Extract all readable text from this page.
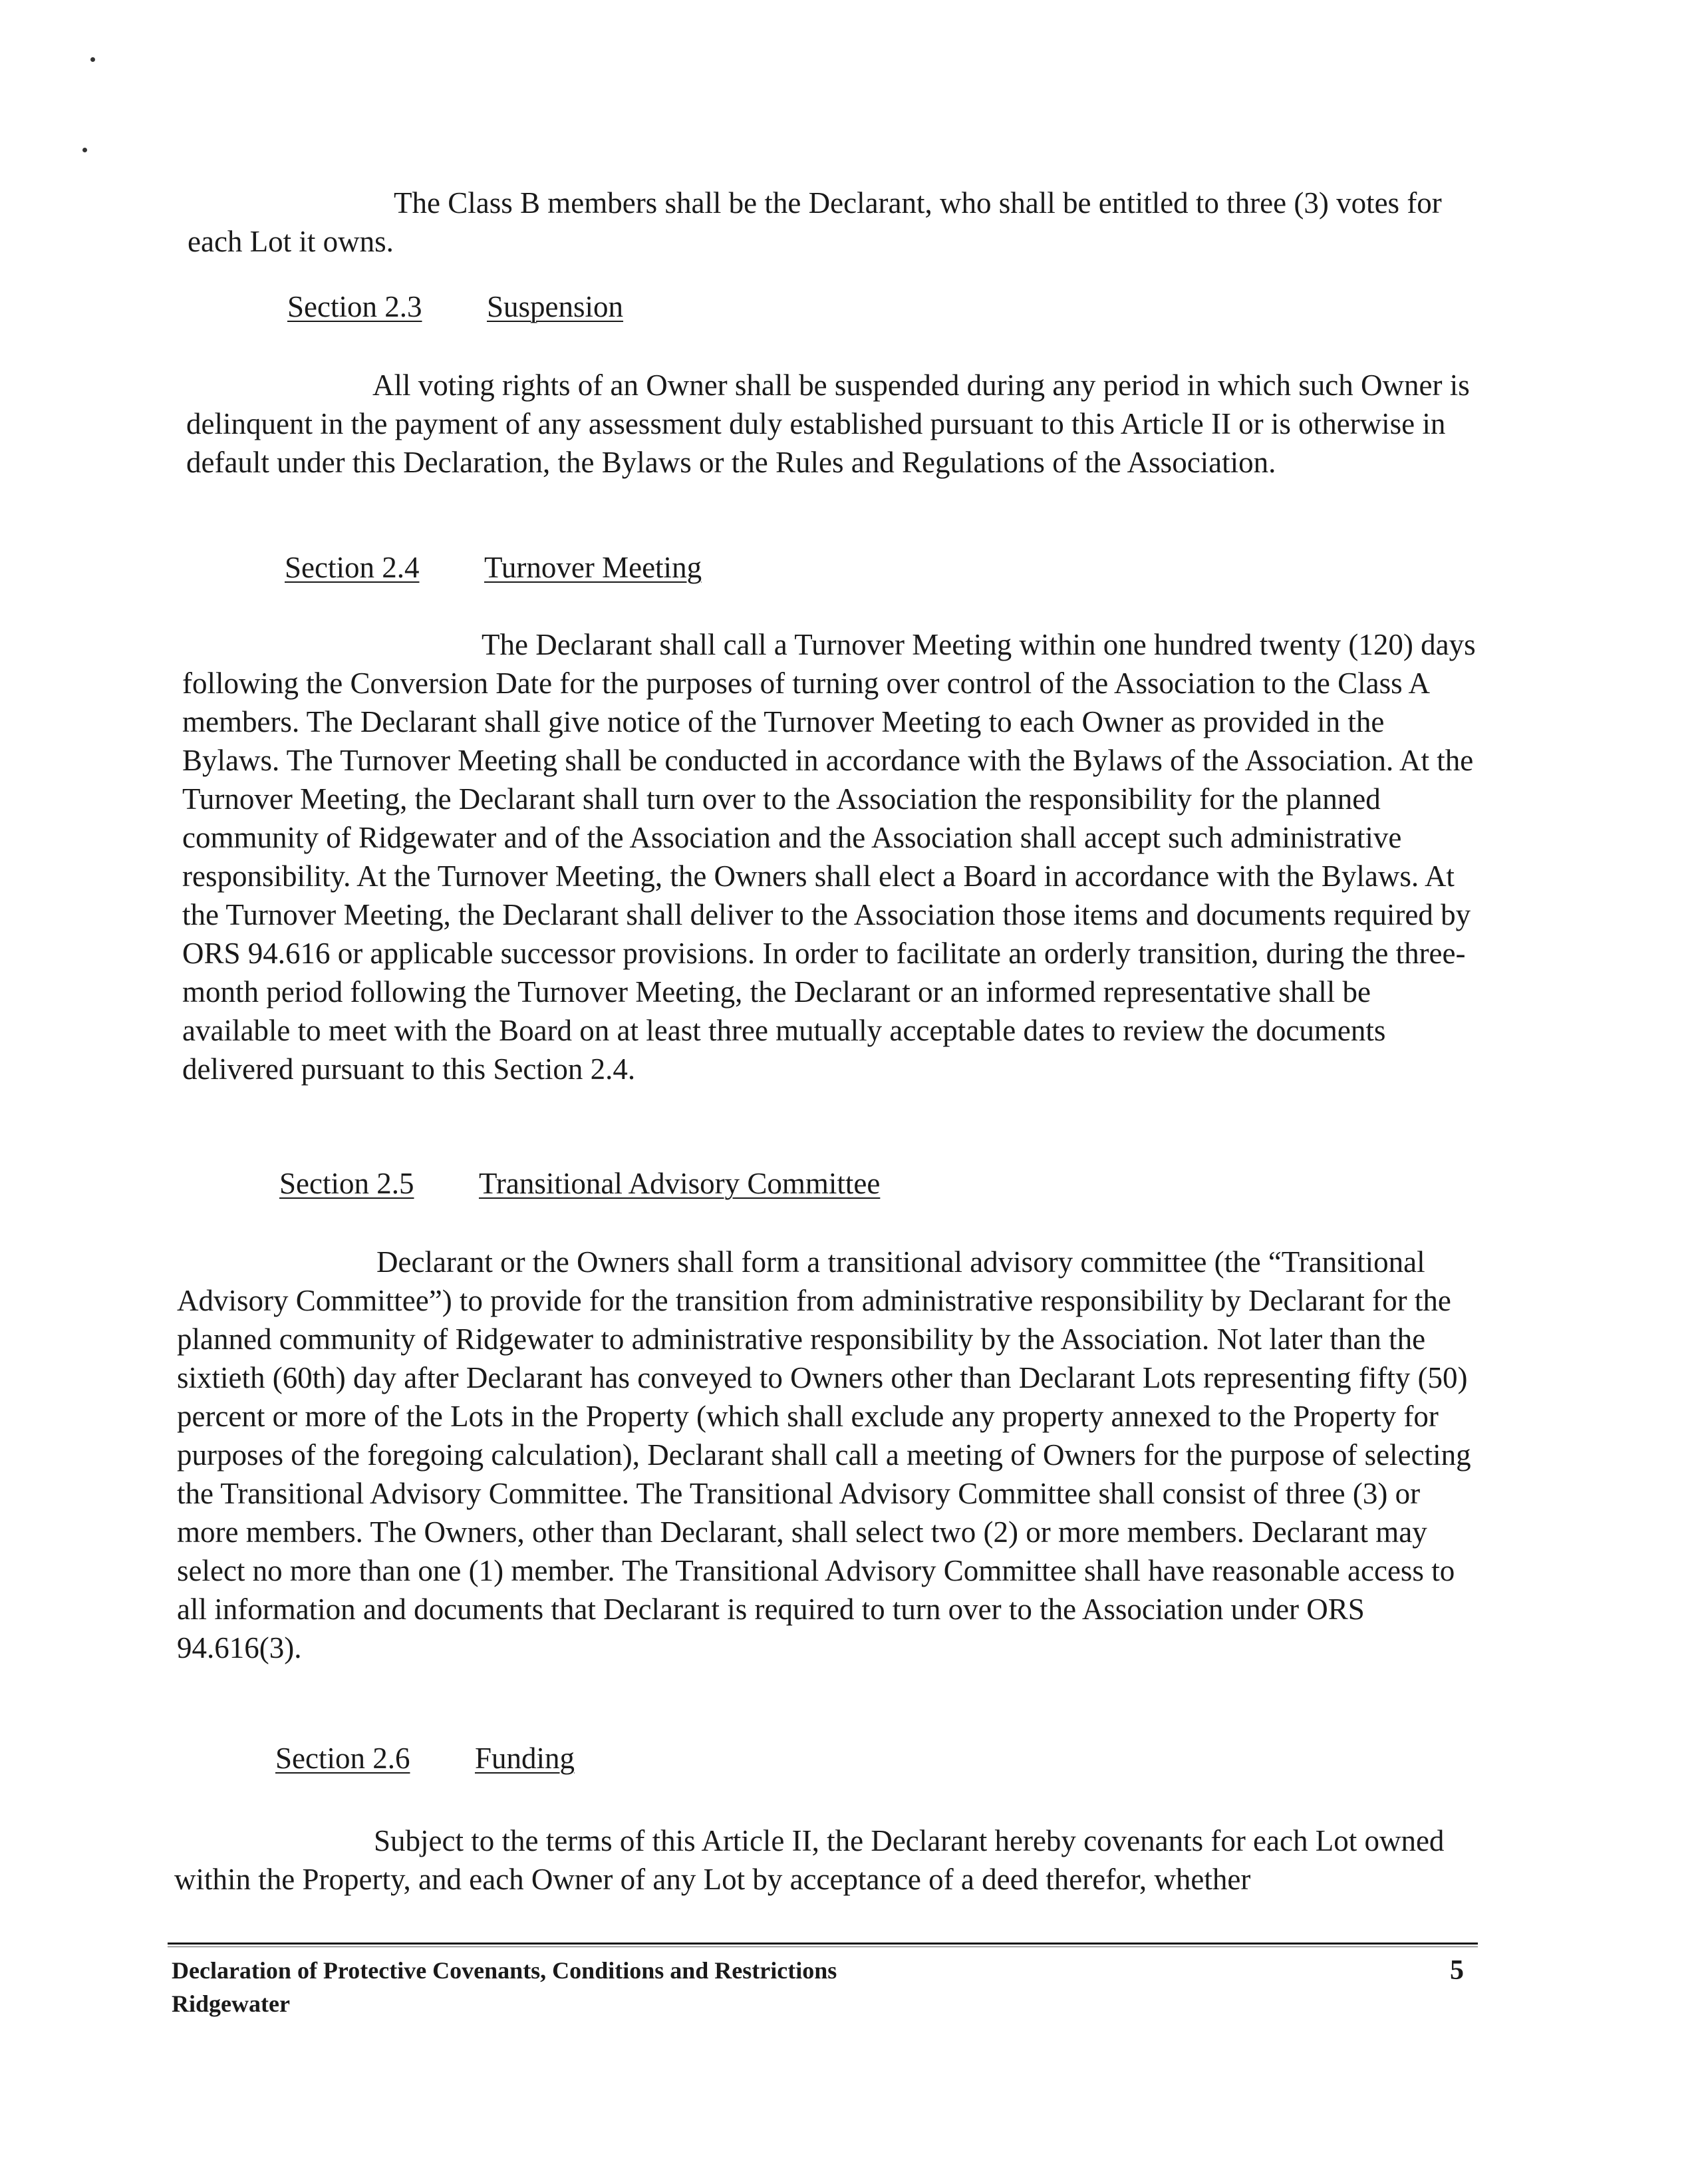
The Class B members shall be the Declarant, who shall be entitled to three (3) votes for each Lot it owns.

Section 2.3 Suspension

All voting rights of an Owner shall be suspended during any period in which such Owner is delinquent in the payment of any assessment duly established pursuant to this Article II or is otherwise in default under this Declaration, the Bylaws or the Rules and Regulations of the Association.

Section 2.4 Turnover Meeting

The Declarant shall call a Turnover Meeting within one hundred twenty (120) days following the Conversion Date for the purposes of turning over control of the Association to the Class A members. The Declarant shall give notice of the Turnover Meeting to each Owner as provided in the Bylaws. The Turnover Meeting shall be conducted in accordance with the Bylaws of the Association. At the Turnover Meeting, the Declarant shall turn over to the Association the responsibility for the planned community of Ridgewater and of the Association and the Association shall accept such administrative responsibility. At the Turnover Meeting, the Owners shall elect a Board in accordance with the Bylaws. At the Turnover Meeting, the Declarant shall deliver to the Association those items and documents required by ORS 94.616 or applicable successor provisions. In order to facilitate an orderly transition, during the three-month period following the Turnover Meeting, the Declarant or an informed representative shall be available to meet with the Board on at least three mutually acceptable dates to review the documents delivered pursuant to this Section 2.4.

Section 2.5 Transitional Advisory Committee

Declarant or the Owners shall form a transitional advisory committee (the “Transitional Advisory Committee”) to provide for the transition from administrative responsibility by Declarant for the planned community of Ridgewater to administrative responsibility by the Association. Not later than the sixtieth (60th) day after Declarant has conveyed to Owners other than Declarant Lots representing fifty (50) percent or more of the Lots in the Property (which shall exclude any property annexed to the Property for purposes of the foregoing calculation), Declarant shall call a meeting of Owners for the purpose of selecting the Transitional Advisory Committee. The Transitional Advisory Committee shall consist of three (3) or more members. The Owners, other than Declarant, shall select two (2) or more members. Declarant may select no more than one (1) member. The Transitional Advisory Committee shall have reasonable access to all information and documents that Declarant is required to turn over to the Association under ORS 94.616(3).

Section 2.6 Funding

Subject to the terms of this Article II, the Declarant hereby covenants for each Lot owned within the Property, and each Owner of any Lot by acceptance of a deed therefor, whether

Declaration of Protective Covenants, Conditions and Restrictions
Ridgewater
5
